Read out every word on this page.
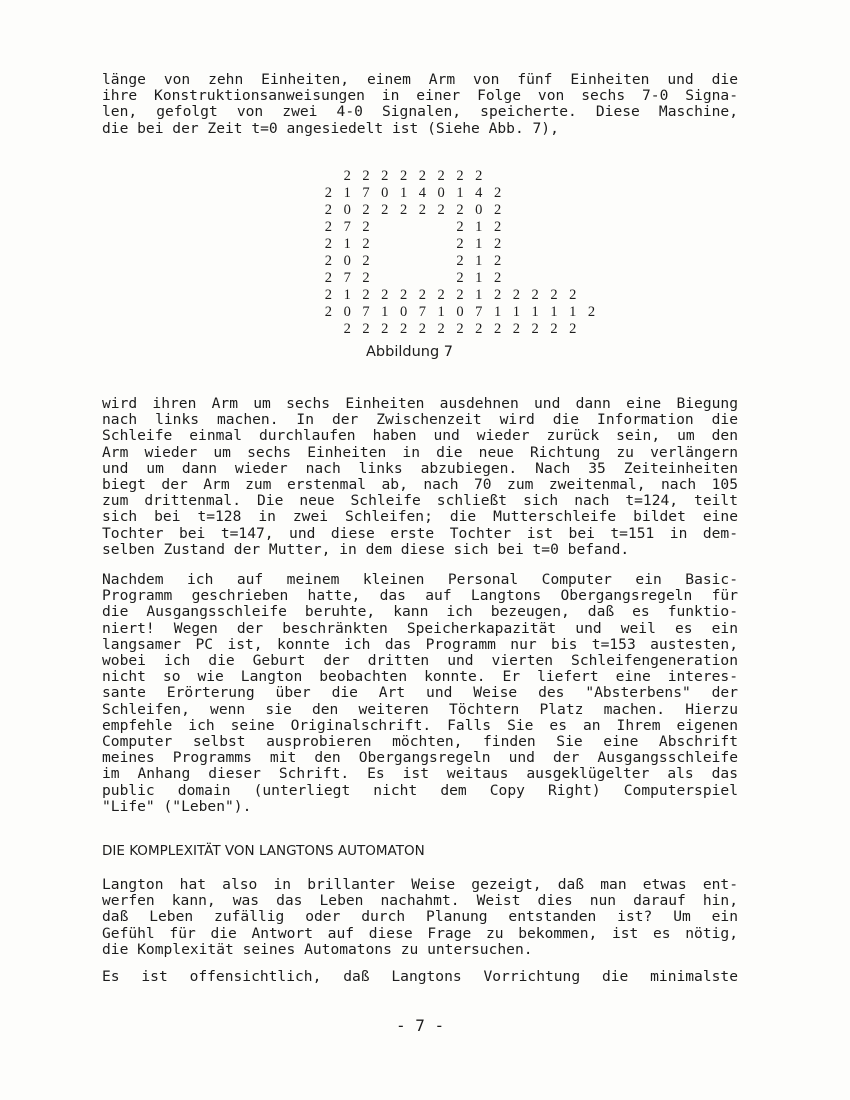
länge von zehn Einheiten, einem Arm von fünf Einheiten und die
ihre Konstruktionsanweisungen in einer Folge von sechs 7-0 Signa-
len, gefolgt von zwei 4-0 Signalen, speicherte. Diese Maschine,
die bei der Zeit t=0 angesiedelt ist (Siehe Abb. 7),
2 2 2 2 2 2 2 2
2 1 7 0 1 4 0 1 4 2
2 0 2 2 2 2 2 2 0 2
2 7 2	2 1 2
2 1 2	2 1 2
2 0 2	2 1 2
2 7 2	2 1 2
2 1 2 2 2 2 2 2 1 2 2 2 2 2
2 0 7 1 0 7 1 0 7 1 1 1 1 1 2
2 2 2 2 2 2 2 2 2 2 2 2 2
Abbildung 7
wird ihren Arm um sechs Einheiten ausdehnen und dann eine Biegung
nach links machen. In der Zwischenzeit wird die Information die
Schleife einmal durchlaufen haben und wieder zurück sein, um den
Arm wieder um sechs Einheiten in die neue Richtung zu verlängern
und um dann wieder nach links abzubiegen. Nach 35 Zeiteinheiten
biegt der Arm zum erstenmal ab, nach 70 zum zweitenmal, nach 105
zum drittenmal. Die neue Schleife schließt sich nach t=124, teilt
sich bei t=128 in zwei Schleifen; die Mutterschleife bildet eine
Tochter bei t=147, und diese erste Tochter ist bei t=151 in dem-
selben Zustand der Mutter, in dem diese sich bei t=0 befand.
Nachdem ich auf meinem kleinen Personal Computer ein Basic-
Programm geschrieben hatte, das auf Langtons Obergangsregeln für
die Ausgangsschleife beruhte, kann ich bezeugen, daß es funktio-
niert! Wegen der beschränkten Speicherkapazität und weil es ein
langsamer PC ist, konnte ich das Programm nur bis t=153 austesten,
wobei ich die Geburt der dritten und vierten Schleifengeneration
nicht so wie Langton beobachten konnte. Er liefert eine interes-
sante Erörterung über die Art und Weise des "Absterbens" der
Schleifen, wenn sie den weiteren Töchtern Platz machen. Hierzu
empfehle ich seine Originalschrift. Falls Sie es an Ihrem eigenen
Computer selbst ausprobieren möchten, finden Sie eine Abschrift
meines Programms mit den Obergangsregeln und der Ausgangsschleife
im Anhang dieser Schrift. Es ist weitaus ausgeklügelter als das
public domain (unterliegt nicht dem Copy Right) Computerspiel
"Life" ("Leben").
DIE KOMPLEXITÄT VON LANGTONS AUTOMATON
Langton hat also in brillanter Weise gezeigt, daß man etwas ent-
werfen kann, was das Leben nachahmt. Weist dies nun darauf hin,
daß Leben zufällig oder durch Planung entstanden ist? Um ein
Gefühl für die Antwort auf diese Frage zu bekommen, ist es nötig,
die Komplexität seines Automatons zu untersuchen.
Es ist offensichtlich, daß Langtons Vorrichtung die minimalste
- 7 -
